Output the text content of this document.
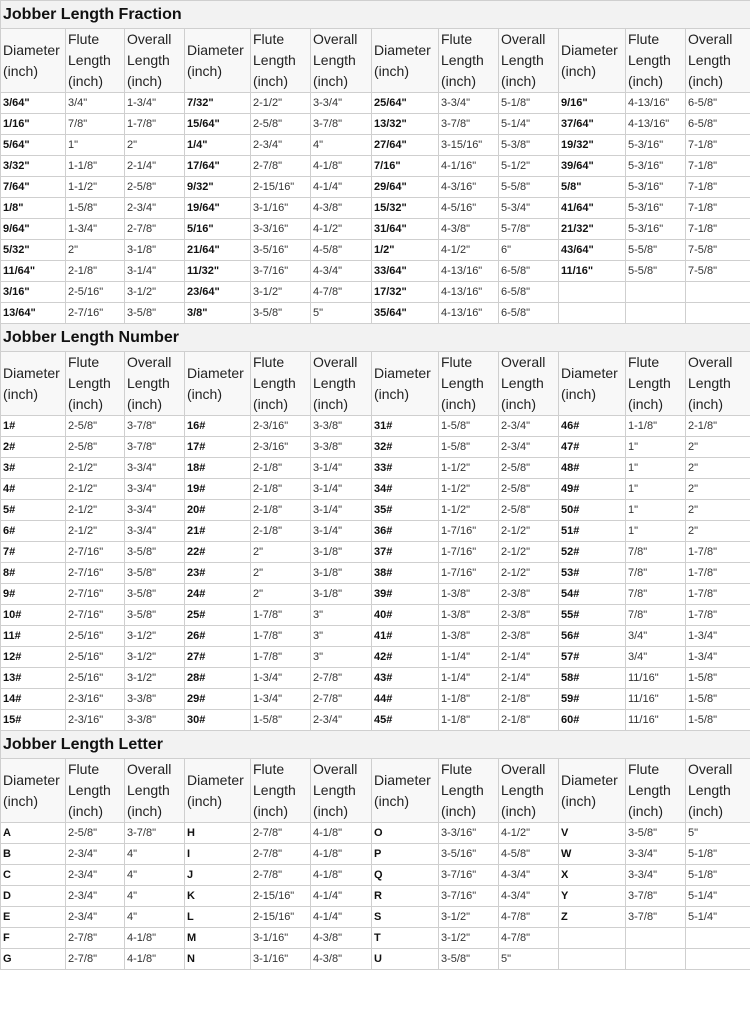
Jobber Length Fraction											

Diameter
(inch)	Flute
Length
(inch)	Overall
Length
(inch)	Diameter
(inch)	Flute
Length
(inch)	Overall
Length
(inch)	Diameter
(inch)	Flute
Length
(inch)	Overall
Length
(inch)	Diameter
(inch)	Flute
Length
(inch)	Overall
Length
(inch)

3/64"	3/4"	1-3/4"	7/32"	2-1/2"	3-3/4"	25/64"	3-3/4"	5-1/8"	9/16"	4-13/16"	6-5/8"
1/16"	7/8"	1-7/8"	15/64"	2-5/8"	3-7/8"	13/32"	3-7/8"	5-1/4"	37/64"	4-13/16"	6-5/8"
5/64"	1"	2"	1/4"	2-3/4"	4"	27/64"	3-15/16"	5-3/8"	19/32"	5-3/16"	7-1/8"
3/32"	1-1/8"	2-1/4"	17/64"	2-7/8"	4-1/8"	7/16"	4-1/16"	5-1/2"	39/64"	5-3/16"	7-1/8"
7/64"	1-1/2"	2-5/8"	9/32"	2-15/16"	4-1/4"	29/64"	4-3/16"	5-5/8"	5/8"	5-3/16"	7-1/8"
1/8"	1-5/8"	2-3/4"	19/64"	3-1/16"	4-3/8"	15/32"	4-5/16"	5-3/4"	41/64"	5-3/16"	7-1/8"
9/64"	1-3/4"	2-7/8"	5/16"	3-3/16"	4-1/2"	31/64"	4-3/8"	5-7/8"	21/32"	5-3/16"	7-1/8"
5/32"	2"	3-1/8"	21/64"	3-5/16"	4-5/8"	1/2"	4-1/2"	6"	43/64"	5-5/8"	7-5/8"
11/64"	2-1/8"	3-1/4"	11/32"	3-7/16"	4-3/4"	33/64"	4-13/16"	6-5/8"	11/16"	5-5/8"	7-5/8"
3/16"	2-5/16"	3-1/2"	23/64"	3-1/2"	4-7/8"	17/32"	4-13/16"	6-5/8"			
13/64"	2-7/16"	3-5/8"	3/8"	3-5/8"	5"	35/64"	4-13/16"	6-5/8"			
Jobber Length Number											

Diameter
(inch)	Flute
Length
(inch)	Overall
Length
(inch)	Diameter
(inch)	Flute
Length
(inch)	Overall
Length
(inch)	Diameter
(inch)	Flute
Length
(inch)	Overall
Length
(inch)	Diameter
(inch)	Flute
Length
(inch)	Overall
Length
(inch)

1#	2-5/8"	3-7/8"	16#	2-3/16"	3-3/8"	31#	1-5/8"	2-3/4"	46#	1-1/8"	2-1/8"
2#	2-5/8"	3-7/8"	17#	2-3/16"	3-3/8"	32#	1-5/8"	2-3/4"	47#	1"	2"
3#	2-1/2"	3-3/4"	18#	2-1/8"	3-1/4"	33#	1-1/2"	2-5/8"	48#	1"	2"
4#	2-1/2"	3-3/4"	19#	2-1/8"	3-1/4"	34#	1-1/2"	2-5/8"	49#	1"	2"
5#	2-1/2"	3-3/4"	20#	2-1/8"	3-1/4"	35#	1-1/2"	2-5/8"	50#	1"	2"
6#	2-1/2"	3-3/4"	21#	2-1/8"	3-1/4"	36#	1-7/16"	2-1/2"	51#	1"	2"
7#	2-7/16"	3-5/8"	22#	2"	3-1/8"	37#	1-7/16"	2-1/2"	52#	7/8"	1-7/8"
8#	2-7/16"	3-5/8"	23#	2"	3-1/8"	38#	1-7/16"	2-1/2"	53#	7/8"	1-7/8"
9#	2-7/16"	3-5/8"	24#	2"	3-1/8"	39#	1-3/8"	2-3/8"	54#	7/8"	1-7/8"
10#	2-7/16"	3-5/8"	25#	1-7/8"	3"	40#	1-3/8"	2-3/8"	55#	7/8"	1-7/8"
11#	2-5/16"	3-1/2"	26#	1-7/8"	3"	41#	1-3/8"	2-3/8"	56#	3/4"	1-3/4"
12#	2-5/16"	3-1/2"	27#	1-7/8"	3"	42#	1-1/4"	2-1/4"	57#	3/4"	1-3/4"
13#	2-5/16"	3-1/2"	28#	1-3/4"	2-7/8"	43#	1-1/4"	2-1/4"	58#	11/16"	1-5/8"
14#	2-3/16"	3-3/8"	29#	1-3/4"	2-7/8"	44#	1-1/8"	2-1/8"	59#	11/16"	1-5/8"
15#	2-3/16"	3-3/8"	30#	1-5/8"	2-3/4"	45#	1-1/8"	2-1/8"	60#	11/16"	1-5/8"
Jobber Length Letter											

Diameter
(inch)	Flute
Length
(inch)	Overall
Length
(inch)	Diameter
(inch)	Flute
Length
(inch)	Overall
Length
(inch)	Diameter
(inch)	Flute
Length
(inch)	Overall
Length
(inch)	Diameter
(inch)	Flute
Length
(inch)	Overall
Length
(inch)

A	2-5/8"	3-7/8"	H	2-7/8"	4-1/8"	O	3-3/16"	4-1/2"	V	3-5/8"	5"
B	2-3/4"	4"	I	2-7/8"	4-1/8"	P	3-5/16"	4-5/8"	W	3-3/4"	5-1/8"
C	2-3/4"	4"	J	2-7/8"	4-1/8"	Q	3-7/16"	4-3/4"	X	3-3/4"	5-1/8"
D	2-3/4"	4"	K	2-15/16"	4-1/4"	R	3-7/16"	4-3/4"	Y	3-7/8"	5-1/4"
E	2-3/4"	4"	L	2-15/16"	4-1/4"	S	3-1/2"	4-7/8"	Z	3-7/8"	5-1/4"
F	2-7/8"	4-1/8"	M	3-1/16"	4-3/8"	T	3-1/2"	4-7/8"			
G	2-7/8"	4-1/8"	N	3-1/16"	4-3/8"	U	3-5/8"	5"			
